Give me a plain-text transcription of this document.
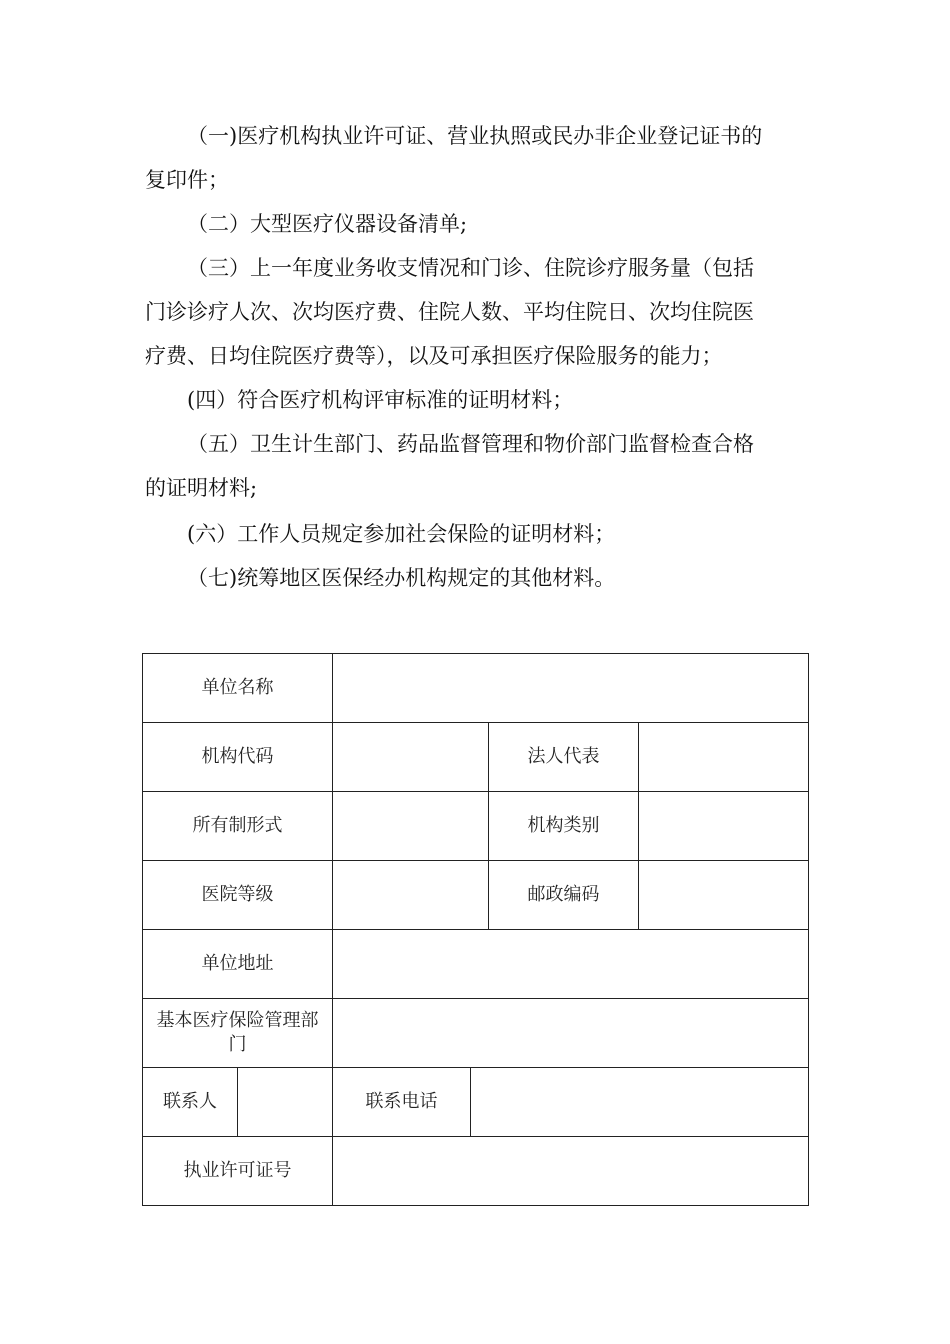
（一)医疗机构执业许可证、营业执照或民办非企业登记证书的
复印件；
（二）大型医疗仪器设备清单;
（三）上一年度业务收支情况和门诊、住院诊疗服务量（包括
门诊诊疗人次、次均医疗费、住院人数、平均住院日、次均住院医
疗费、日均住院医疗费等），以及可承担医疗保险服务的能力；
(四）符合医疗机构评审标准的证明材料；
（五）卫生计生部门、药品监督管理和物价部门监督检查合格
的证明材料;
(六）工作人员规定参加社会保险的证明材料；
（七)统筹地区医保经办机构规定的其他材料。
单位名称					
机构代码				法人代表	
所有制形式				机构类别	
医院等级				邮政编码	
单位地址					
基本医疗保险管理部门					
联系人		联系电话			
执业许可证号					
